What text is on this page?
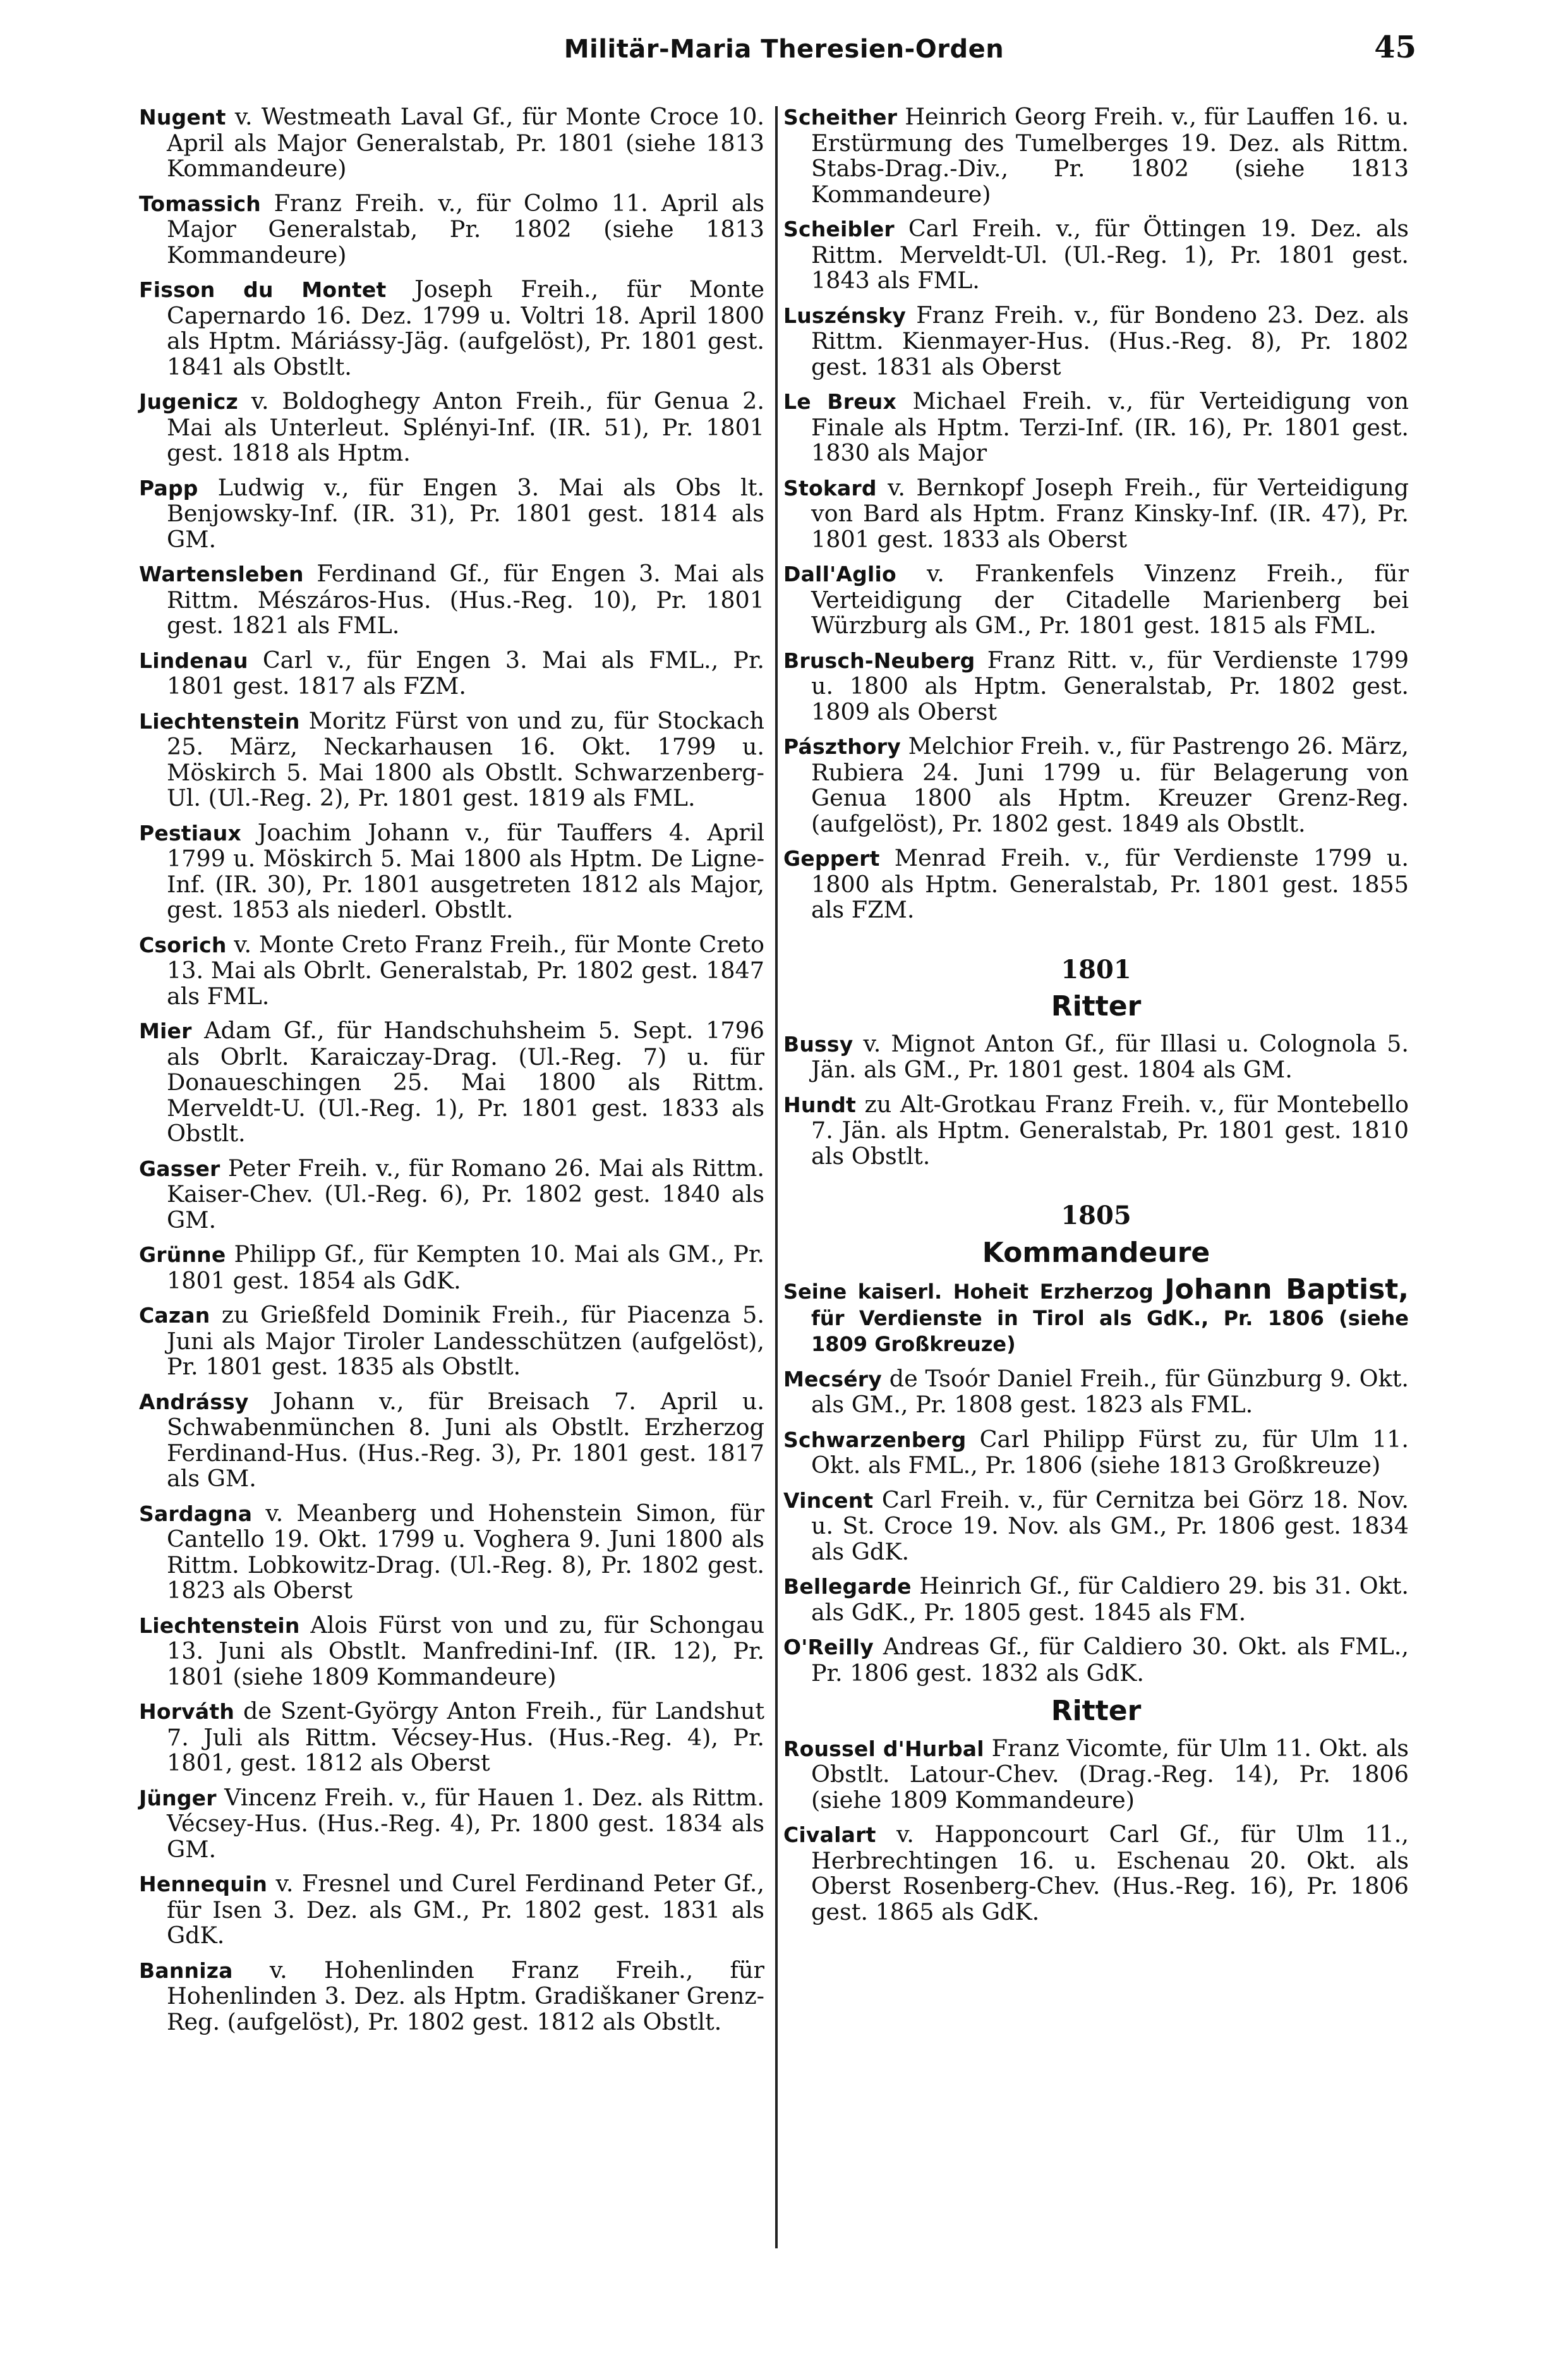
Militär-Maria Theresien-Orden	45
Nugent v. Westmeath Laval Gf., für Monte Croce 10. April als Major Generalstab, Pr. 1801 (siehe 1813 Kommandeure)
Tomassich Franz Freih. v., für Colmo 11. April als Major Generalstab, Pr. 1802 (siehe 1813 Kommandeure)
Fisson du Montet Joseph Freih., für Monte Capernardo 16. Dez. 1799 u. Voltri 18. April 1800 als Hptm. Máriássy-Jäg. (aufgelöst), Pr. 1801 gest. 1841 als Obstlt.
Jugenicz v. Boldoghegy Anton Freih., für Genua 2. Mai als Unterleut. Splényi-Inf. (IR. 51), Pr. 1801 gest. 1818 als Hptm.
Papp Ludwig v., für Engen 3. Mai als Obs lt. Benjowsky-Inf. (IR. 31), Pr. 1801 gest. 1814 als GM.
Wartensleben Ferdinand Gf., für Engen 3. Mai als Rittm. Mészáros-Hus. (Hus.-Reg. 10), Pr. 1801 gest. 1821 als FML.
Lindenau Carl v., für Engen 3. Mai als FML., Pr. 1801 gest. 1817 als FZM.
Liechtenstein Moritz Fürst von und zu, für Stockach 25. März, Neckarhausen 16. Okt. 1799 u. Möskirch 5. Mai 1800 als Obstlt. Schwarzenberg-Ul. (Ul.-Reg. 2), Pr. 1801 gest. 1819 als FML.
Pestiaux Joachim Johann v., für Tauffers 4. April 1799 u. Möskirch 5. Mai 1800 als Hptm. De Ligne-Inf. (IR. 30), Pr. 1801 ausgetreten 1812 als Major, gest. 1853 als niederl. Obstlt.
Csorich v. Monte Creto Franz Freih., für Monte Creto 13. Mai als Obrlt. Generalstab, Pr. 1802 gest. 1847 als FML.
Mier Adam Gf., für Handschuhsheim 5. Sept. 1796 als Obrlt. Karaiczay-Drag. (Ul.-Reg. 7) u. für Donaueschingen 25. Mai 1800 als Rittm. Merveldt-U. (Ul.-Reg. 1), Pr. 1801 gest. 1833 als Obstlt.
Gasser Peter Freih. v., für Romano 26. Mai als Rittm. Kaiser-Chev. (Ul.-Reg. 6), Pr. 1802 gest. 1840 als GM.
Grünne Philipp Gf., für Kempten 10. Mai als GM., Pr. 1801 gest. 1854 als GdK.
Cazan zu Grießfeld Dominik Freih., für Piacenza 5. Juni als Major Tiroler Landesschützen (aufgelöst), Pr. 1801 gest. 1835 als Obstlt.
Andrássy Johann v., für Breisach 7. April u. Schwabenmünchen 8. Juni als Obstlt. Erzherzog Ferdinand-Hus. (Hus.-Reg. 3), Pr. 1801 gest. 1817 als GM.
Sardagna v. Meanberg und Hohenstein Simon, für Cantello 19. Okt. 1799 u. Voghera 9. Juni 1800 als Rittm. Lobkowitz-Drag. (Ul.-Reg. 8), Pr. 1802 gest. 1823 als Oberst
Liechtenstein Alois Fürst von und zu, für Schongau 13. Juni als Obstlt. Manfredini-Inf. (IR. 12), Pr. 1801 (siehe 1809 Kommandeure)
Horváth de Szent-György Anton Freih., für Landshut 7. Juli als Rittm. Vécsey-Hus. (Hus.-Reg. 4), Pr. 1801, gest. 1812 als Oberst
Jünger Vincenz Freih. v., für Hauen 1. Dez. als Rittm. Vécsey-Hus. (Hus.-Reg. 4), Pr. 1800 gest. 1834 als GM.
Hennequin v. Fresnel und Curel Ferdinand Peter Gf., für Isen 3. Dez. als GM., Pr. 1802 gest. 1831 als GdK.
Banniza v. Hohenlinden Franz Freih., für Hohenlinden 3. Dez. als Hptm. Gradiškaner Grenz-Reg. (aufgelöst), Pr. 1802 gest. 1812 als Obstlt.
Scheither Heinrich Georg Freih. v., für Lauffen 16. u. Erstürmung des Tumelberges 19. Dez. als Rittm. Stabs-Drag.-Div., Pr. 1802 (siehe 1813 Kommandeure)
Scheibler Carl Freih. v., für Öttingen 19. Dez. als Rittm. Merveldt-Ul. (Ul.-Reg. 1), Pr. 1801 gest. 1843 als FML.
Luszénsky Franz Freih. v., für Bondeno 23. Dez. als Rittm. Kienmayer-Hus. (Hus.-Reg. 8), Pr. 1802 gest. 1831 als Oberst
Le Breux Michael Freih. v., für Verteidigung von Finale als Hptm. Terzi-Inf. (IR. 16), Pr. 1801 gest. 1830 als Major
Stokard v. Bernkopf Joseph Freih., für Verteidigung von Bard als Hptm. Franz Kinsky-Inf. (IR. 47), Pr. 1801 gest. 1833 als Oberst
Dall'Aglio v. Frankenfels Vinzenz Freih., für Verteidigung der Citadelle Marienberg bei Würzburg als GM., Pr. 1801 gest. 1815 als FML.
Brusch-Neuberg Franz Ritt. v., für Verdienste 1799 u. 1800 als Hptm. Generalstab, Pr. 1802 gest. 1809 als Oberst
Pászthory Melchior Freih. v., für Pastrengo 26. März, Rubiera 24. Juni 1799 u. für Belagerung von Genua 1800 als Hptm. Kreuzer Grenz-Reg. (aufgelöst), Pr. 1802 gest. 1849 als Obstlt.
Geppert Menrad Freih. v., für Verdienste 1799 u. 1800 als Hptm. Generalstab, Pr. 1801 gest. 1855 als FZM.
1801
Ritter
Bussy v. Mignot Anton Gf., für Illasi u. Colognola 5. Jän. als GM., Pr. 1801 gest. 1804 als GM.
Hundt zu Alt-Grotkau Franz Freih. v., für Montebello 7. Jän. als Hptm. Generalstab, Pr. 1801 gest. 1810 als Obstlt.
1805
Kommandeure
Seine kaiserl. Hoheit Erzherzog Johann Baptist, für Verdienste in Tirol als GdK., Pr. 1806 (siehe 1809 Großkreuze)
Mecséry de Tsoór Daniel Freih., für Günzburg 9. Okt. als GM., Pr. 1808 gest. 1823 als FML.
Schwarzenberg Carl Philipp Fürst zu, für Ulm 11. Okt. als FML., Pr. 1806 (siehe 1813 Großkreuze)
Vincent Carl Freih. v., für Cernitza bei Görz 18. Nov. u. St. Croce 19. Nov. als GM., Pr. 1806 gest. 1834 als GdK.
Bellegarde Heinrich Gf., für Caldiero 29. bis 31. Okt. als GdK., Pr. 1805 gest. 1845 als FM.
O'Reilly Andreas Gf., für Caldiero 30. Okt. als FML., Pr. 1806 gest. 1832 als GdK.
Ritter
Roussel d'Hurbal Franz Vicomte, für Ulm 11. Okt. als Obstlt. Latour-Chev. (Drag.-Reg. 14), Pr. 1806 (siehe 1809 Kommandeure)
Civalart v. Happoncourt Carl Gf., für Ulm 11., Herbrechtingen 16. u. Eschenau 20. Okt. als Oberst Rosenberg-Chev. (Hus.-Reg. 16), Pr. 1806 gest. 1865 als GdK.
